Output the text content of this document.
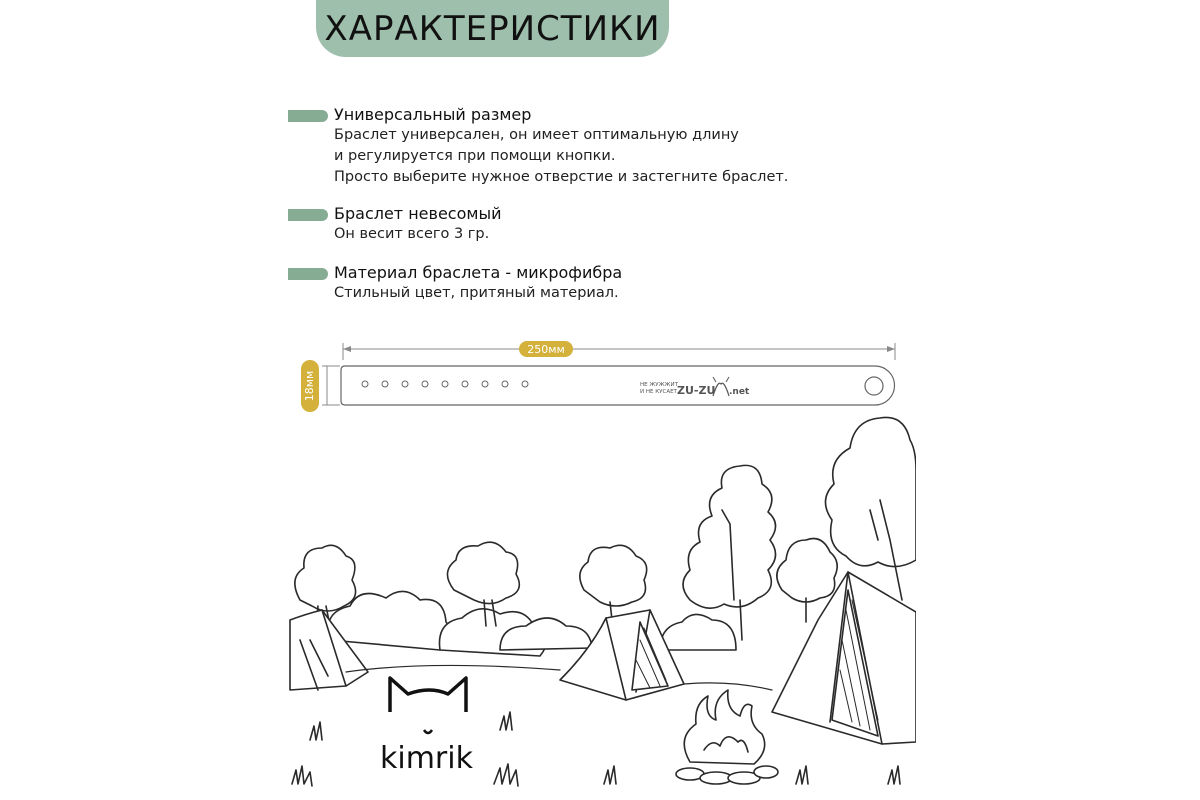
ХАРАКТЕРИСТИКИ
Универсальный размер
Браслет универсален, он имеет оптимальную длину
и регулируется при помощи кнопки.
Просто выберите нужное отверстие и застегните браслет.
Браслет невесомый
Он весит всего 3 гр.
Материал браслета - микрофибра
Стильный цвет, притяный материал.
250мм
18мм	НЕ ЖУЖЖИТ
И НЕ КУСАЕТ ZU-ZU .net
kimrik
